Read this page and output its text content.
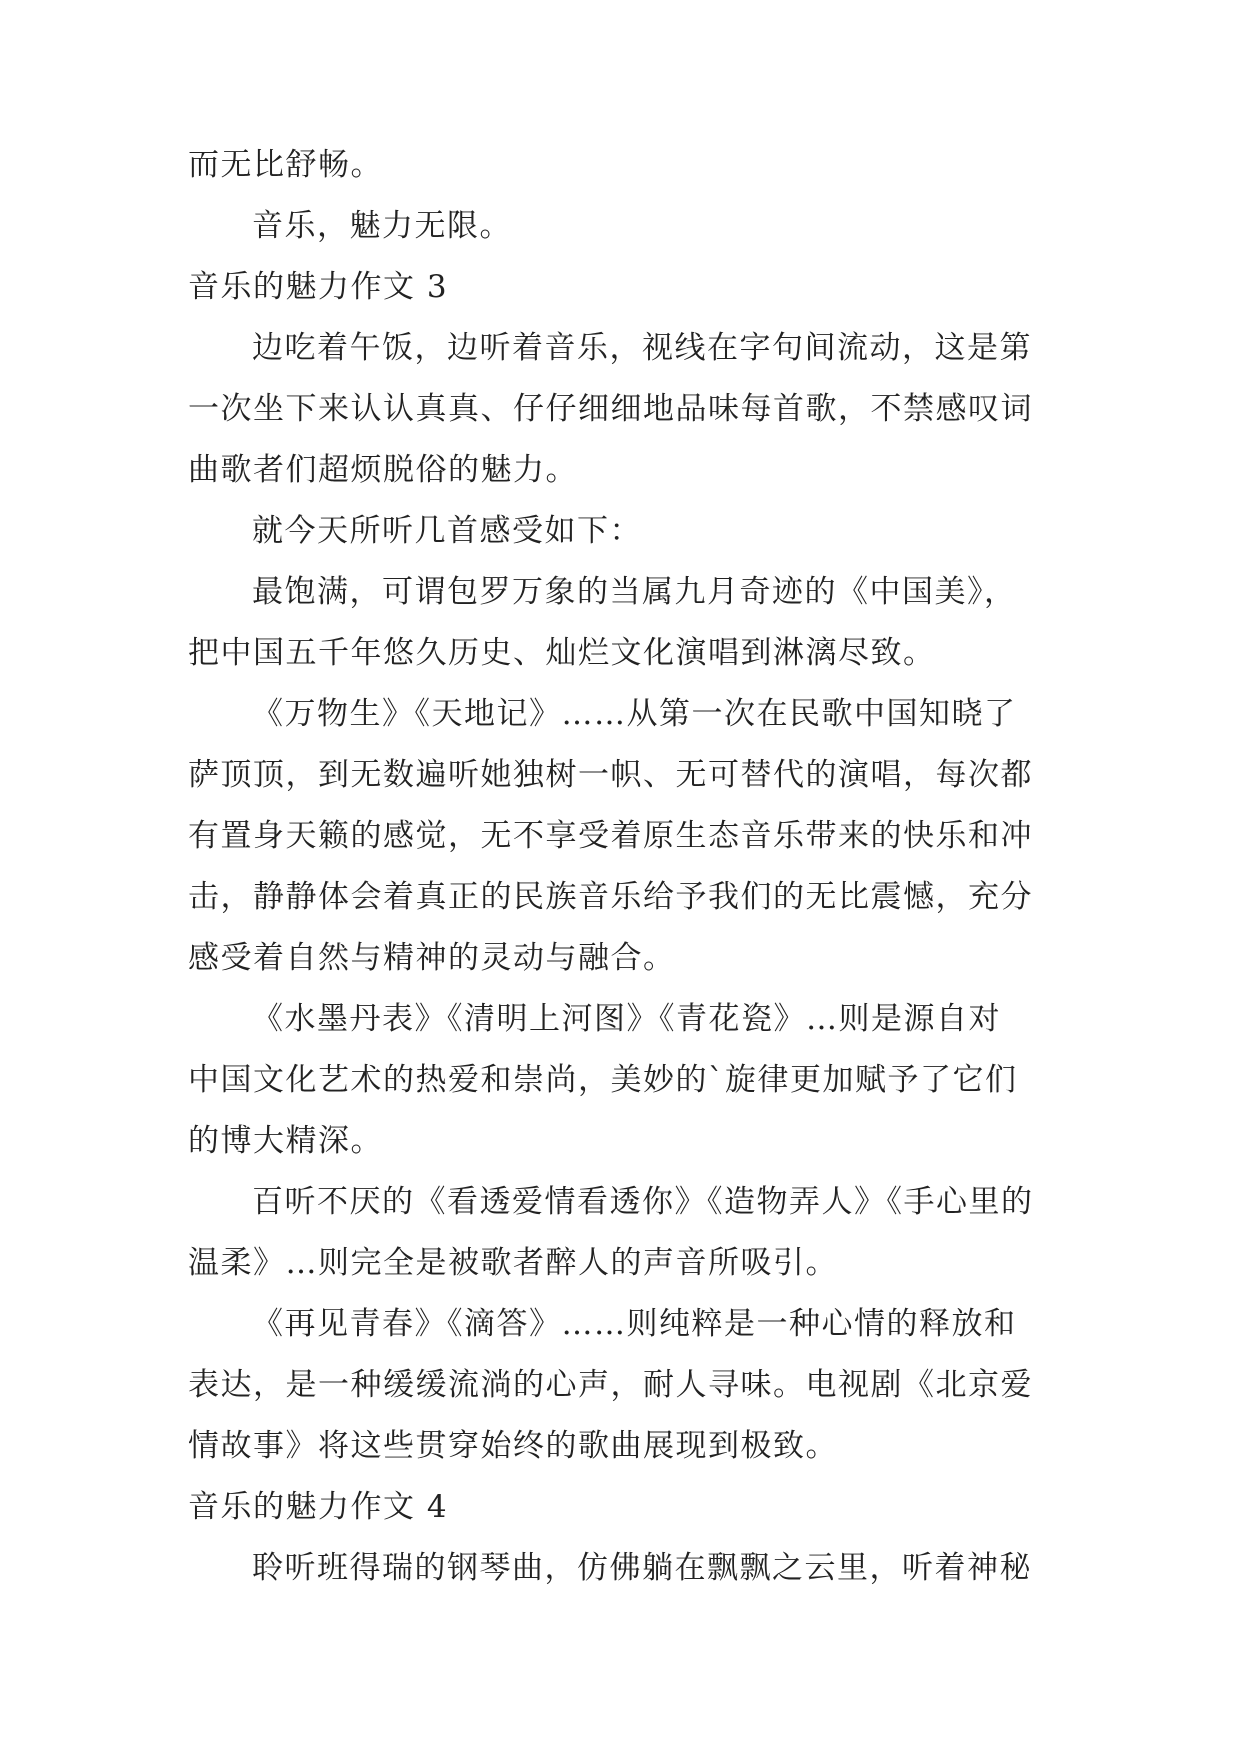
而无比舒畅。
音乐，魅力无限。
音乐的魅力作文 3
边吃着午饭，边听着音乐，视线在字句间流动，这是第
一次坐下来认认真真、仔仔细细地品味每首歌，不禁感叹词
曲歌者们超烦脱俗的魅力。
就今天所听几首感受如下：
最饱满，可谓包罗万象的当属九月奇迹的《中国美》，
把中国五千年悠久历史、灿烂文化演唱到淋漓尽致。
《万物生》《天地记》……从第一次在民歌中国知晓了
萨顶顶，到无数遍听她独树一帜、无可替代的演唱，每次都
有置身天籁的感觉，无不享受着原生态音乐带来的快乐和冲
击，静静体会着真正的民族音乐给予我们的无比震憾，充分
感受着自然与精神的灵动与融合。
《水墨丹表》《清明上河图》《青花瓷》…则是源自对
中国文化艺术的热爱和崇尚，美妙的`旋律更加赋予了它们
的博大精深。
百听不厌的《看透爱情看透你》《造物弄人》《手心里的
温柔》…则完全是被歌者醉人的声音所吸引。
《再见青春》《滴答》……则纯粹是一种心情的释放和
表达，是一种缓缓流淌的心声，耐人寻味。电视剧《北京爱
情故事》将这些贯穿始终的歌曲展现到极致。
音乐的魅力作文 4
聆听班得瑞的钢琴曲，仿佛躺在飘飘之云里，听着神秘
